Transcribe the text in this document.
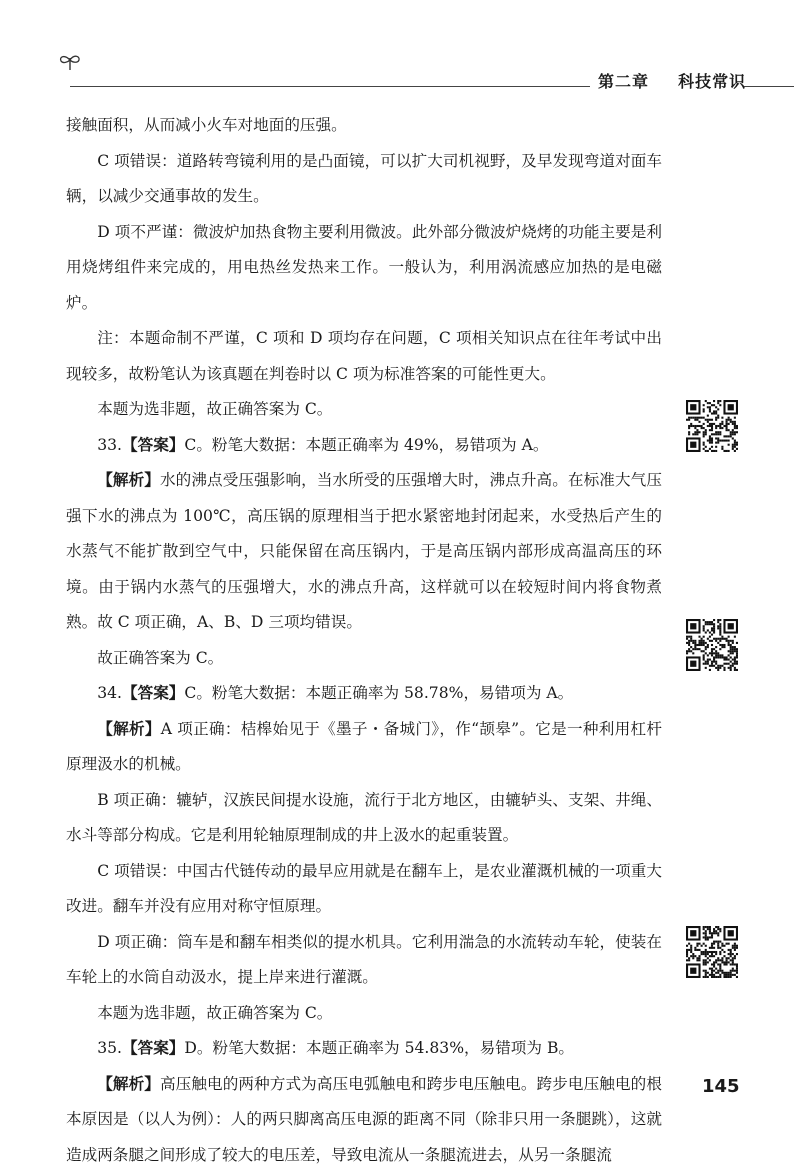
第二章 科技常识

接触面积，从而减小火车对地面的压强。

C 项错误：道路转弯镜利用的是凸面镜，可以扩大司机视野，及早发现弯道对面车辆，以减少交通事故的发生。

D 项不严谨：微波炉加热食物主要利用微波。此外部分微波炉烧烤的功能主要是利用烧烤组件来完成的，用电热丝发热来工作。一般认为，利用涡流感应加热的是电磁炉。

注：本题命制不严谨，C 项和 D 项均存在问题，C 项相关知识点在往年考试中出现较多，故粉笔认为该真题在判卷时以 C 项为标准答案的可能性更大。

本题为选非题，故正确答案为 C。

33.【答案】C。粉笔大数据：本题正确率为 49%，易错项为 A。

【解析】水的沸点受压强影响，当水所受的压强增大时，沸点升高。在标准大气压强下水的沸点为 100℃，高压锅的原理相当于把水紧密地封闭起来，水受热后产生的水蒸气不能扩散到空气中，只能保留在高压锅内，于是高压锅内部形成高温高压的环境。由于锅内水蒸气的压强增大，水的沸点升高，这样就可以在较短时间内将食物煮熟。故 C 项正确，A、B、D 三项均错误。

故正确答案为 C。

34.【答案】C。粉笔大数据：本题正确率为 58.78%，易错项为 A。

【解析】A 项正确：桔槔始见于《墨子・备城门》，作“颉皋”。它是一种利用杠杆原理汲水的机械。

B 项正确：辘轳，汉族民间提水设施，流行于北方地区，由辘轳头、支架、井绳、水斗等部分构成。它是利用轮轴原理制成的井上汲水的起重装置。

C 项错误：中国古代链传动的最早应用就是在翻车上，是农业灌溉机械的一项重大改进。翻车并没有应用对称守恒原理。

D 项正确：筒车是和翻车相类似的提水机具。它利用湍急的水流转动车轮，使装在车轮上的水筒自动汲水，提上岸来进行灌溉。

本题为选非题，故正确答案为 C。

35.【答案】D。粉笔大数据：本题正确率为 54.83%，易错项为 B。

【解析】高压触电的两种方式为高压电弧触电和跨步电压触电。跨步电压触电的根本原因是（以人为例）：人的两只脚离高压电源的距离不同（除非只用一条腿跳），这就造成两条腿之间形成了较大的电压差，导致电流从一条腿流进去，从另一条腿流

145
